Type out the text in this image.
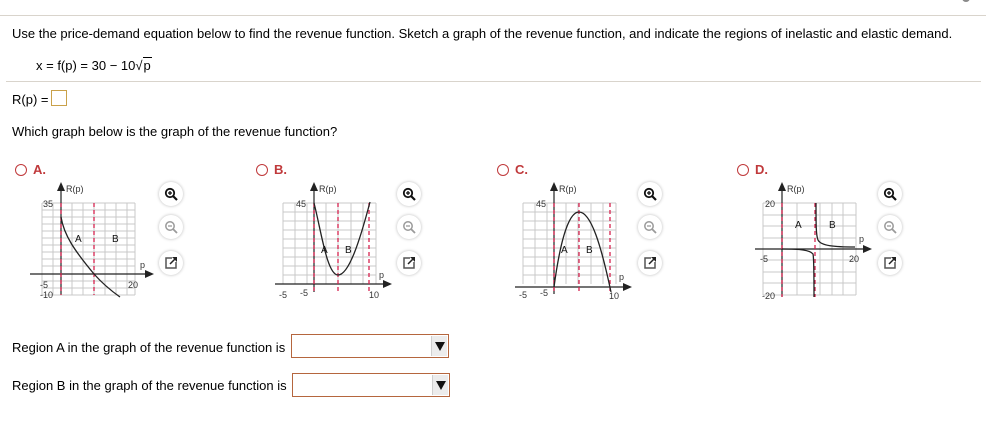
Use the price-demand equation below to find the revenue function. Sketch a graph of the revenue function, and indicate the regions of inelastic and elastic demand.
x = f(p) = 30 − 10√p
R(p) =
Which graph below is the graph of the revenue function?
A.
R(p)
35
-10
-5	20
p
A	B
B.
R(p)
45
-5 -5	10
p
A B
C.
R(p)
45
-5 -5	10
p
A B
D.
R(p)
20
-20
-5	20
p
A	B
Region A in the graph of the revenue function is
Region B in the graph of the revenue function is
